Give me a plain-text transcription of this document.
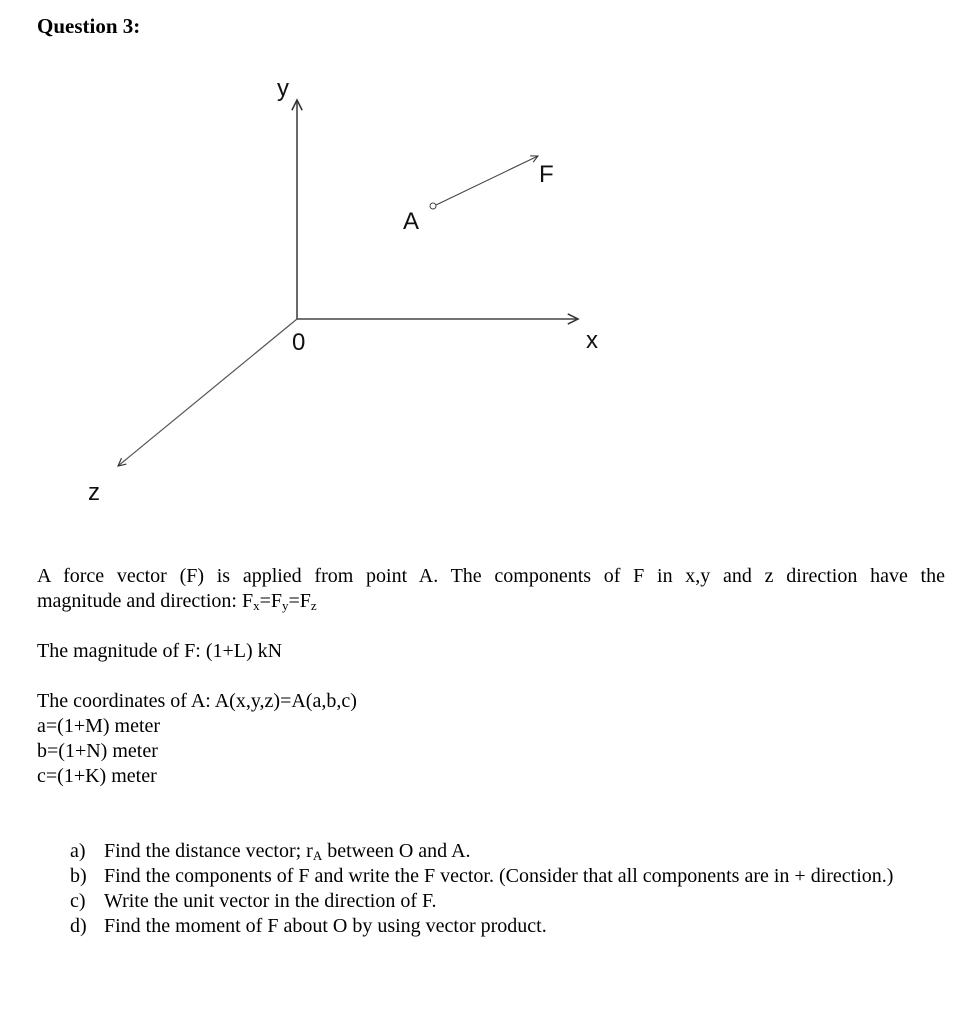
Question 3:
y
x
z
0
A
F

A force vector (F) is applied from point A. The components of F in x,y and z direction have the
magnitude and direction: $F_x=F_y=F_z$

The magnitude of F: (1+L) kN

The coordinates of A: A(x,y,z)=A(a,b,c)
a=(1+M) meter
b=(1+N) meter
c=(1+K) meter
a) Find the distance vector; $r_A$ between O and A.
b) Find the components of F and write the F vector. (Consider that all components are in + direction.)
c) Write the unit vector in the direction of F.
d) Find the moment of F about O by using vector product.
